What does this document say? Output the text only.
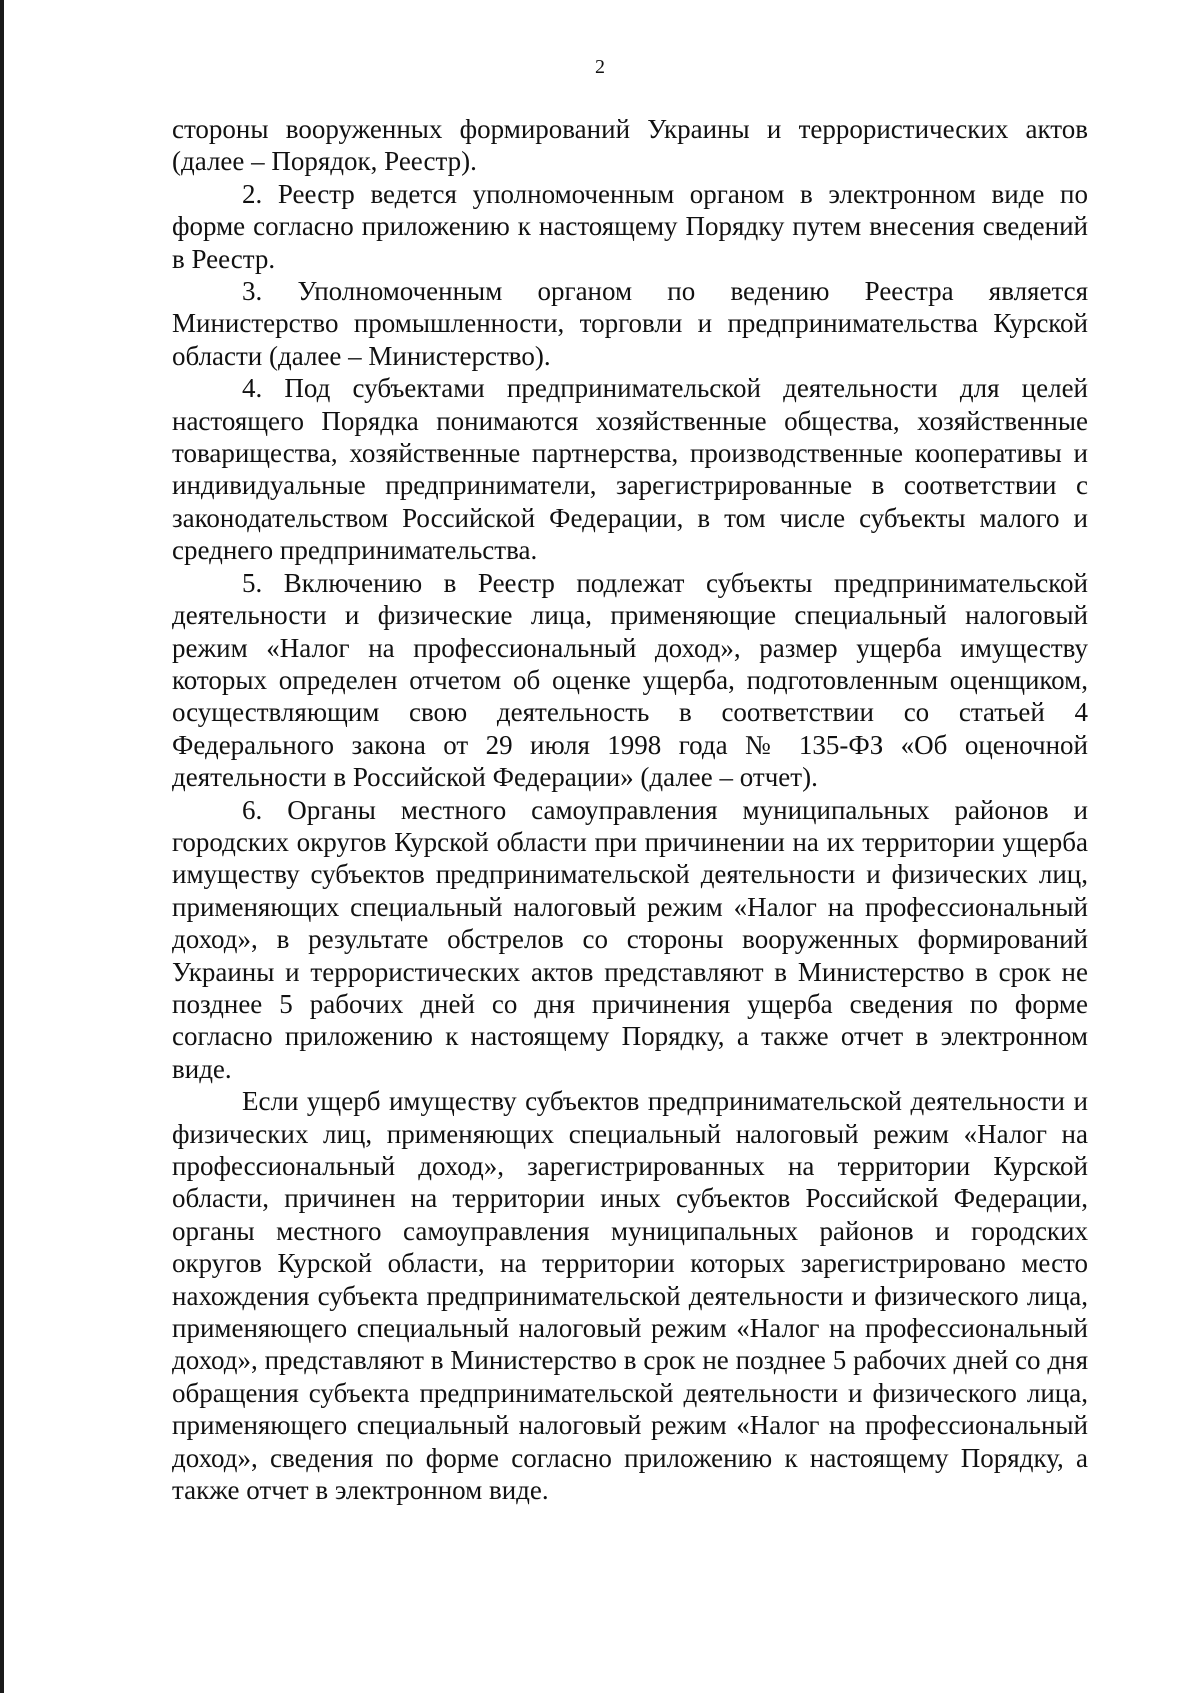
2

стороны вооруженных формирований Украины и террористических актов (далее – Порядок, Реестр).

2. Реестр ведется уполномоченным органом в электронном виде по форме согласно приложению к настоящему Порядку путем внесения сведений в Реестр.

3. Уполномоченным органом по ведению Реестра является Министерство промышленности, торговли и предпринимательства Курской области (далее – Министерство).

4. Под субъектами предпринимательской деятельности для целей настоящего Порядка понимаются хозяйственные общества, хозяйственные товарищества, хозяйственные партнерства, производственные кооперативы и индивидуальные предприниматели, зарегистрированные в соответствии с законодательством Российской Федерации, в том числе субъекты малого и среднего предпринимательства.

5. Включению в Реестр подлежат субъекты предпринимательской деятельности и физические лица, применяющие специальный налоговый режим «Налог на профессиональный доход», размер ущерба имуществу которых определен отчетом об оценке ущерба, подготовленным оценщиком, осуществляющим свою деятельность в соответствии со статьей 4 Федерального закона от 29 июля 1998 года № 135-ФЗ «Об оценочной деятельности в Российской Федерации» (далее – отчет).

6. Органы местного самоуправления муниципальных районов и городских округов Курской области при причинении на их территории ущерба имуществу субъектов предпринимательской деятельности и физических лиц, применяющих специальный налоговый режим «Налог на профессиональный доход», в результате обстрелов со стороны вооруженных формирований Украины и террористических актов представляют в Министерство в срок не позднее 5 рабочих дней со дня причинения ущерба сведения по форме согласно приложению к настоящему Порядку, а также отчет в электронном виде.

Если ущерб имуществу субъектов предпринимательской деятельности и физических лиц, применяющих специальный налоговый режим «Налог на профессиональный доход», зарегистрированных на территории Курской области, причинен на территории иных субъектов Российской Федерации, органы местного самоуправления муниципальных районов и городских округов Курской области, на территории которых зарегистрировано место нахождения субъекта предпринимательской деятельности и физического лица, применяющего специальный налоговый режим «Налог на профессиональный доход», представляют в Министерство в срок не позднее 5 рабочих дней со дня обращения субъекта предпринимательской деятельности и физического лица, применяющего специальный налоговый режим «Налог на профессиональный доход», сведения по форме согласно приложению к настоящему Порядку, а также отчет в электронном виде.
